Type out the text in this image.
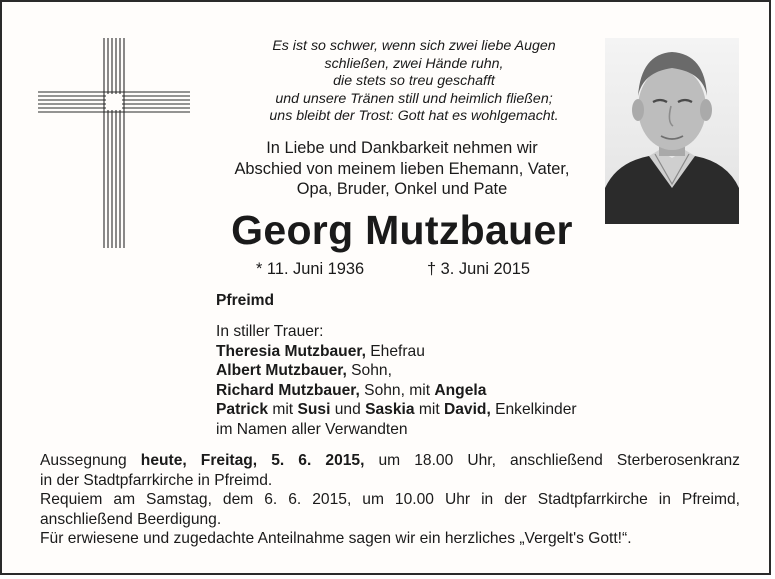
Es ist so schwer, wenn sich zwei liebe Augen
schließen, zwei Hände ruhn,
die stets so treu geschafft
und unsere Tränen still und heimlich fließen;
uns bleibt der Trost: Gott hat es wohlgemacht.
In Liebe und Dankbarkeit nehmen wir
Abschied von meinem lieben Ehemann, Vater,
Opa, Bruder, Onkel und Pate
Georg Mutzbauer
* 11. Juni 1936	† 3. Juni 2015
Pfreimd
In stiller Trauer:
Theresia Mutzbauer, Ehefrau
Albert Mutzbauer, Sohn,
Richard Mutzbauer, Sohn, mit Angela
Patrick mit Susi und Saskia mit David, Enkelkinder
im Namen aller Verwandten
Aussegnung heute, Freitag, 5. 6. 2015, um 18.00 Uhr, anschließend Sterberosenkranz
in der Stadtpfarrkirche in Pfreimd.
Requiem am Samstag, dem 6. 6. 2015, um 10.00 Uhr in der Stadtpfarrkirche in Pfreimd,
anschließend Beerdigung.
Für erwiesene und zugedachte Anteilnahme sagen wir ein herzliches „Vergelt's Gott!“.
